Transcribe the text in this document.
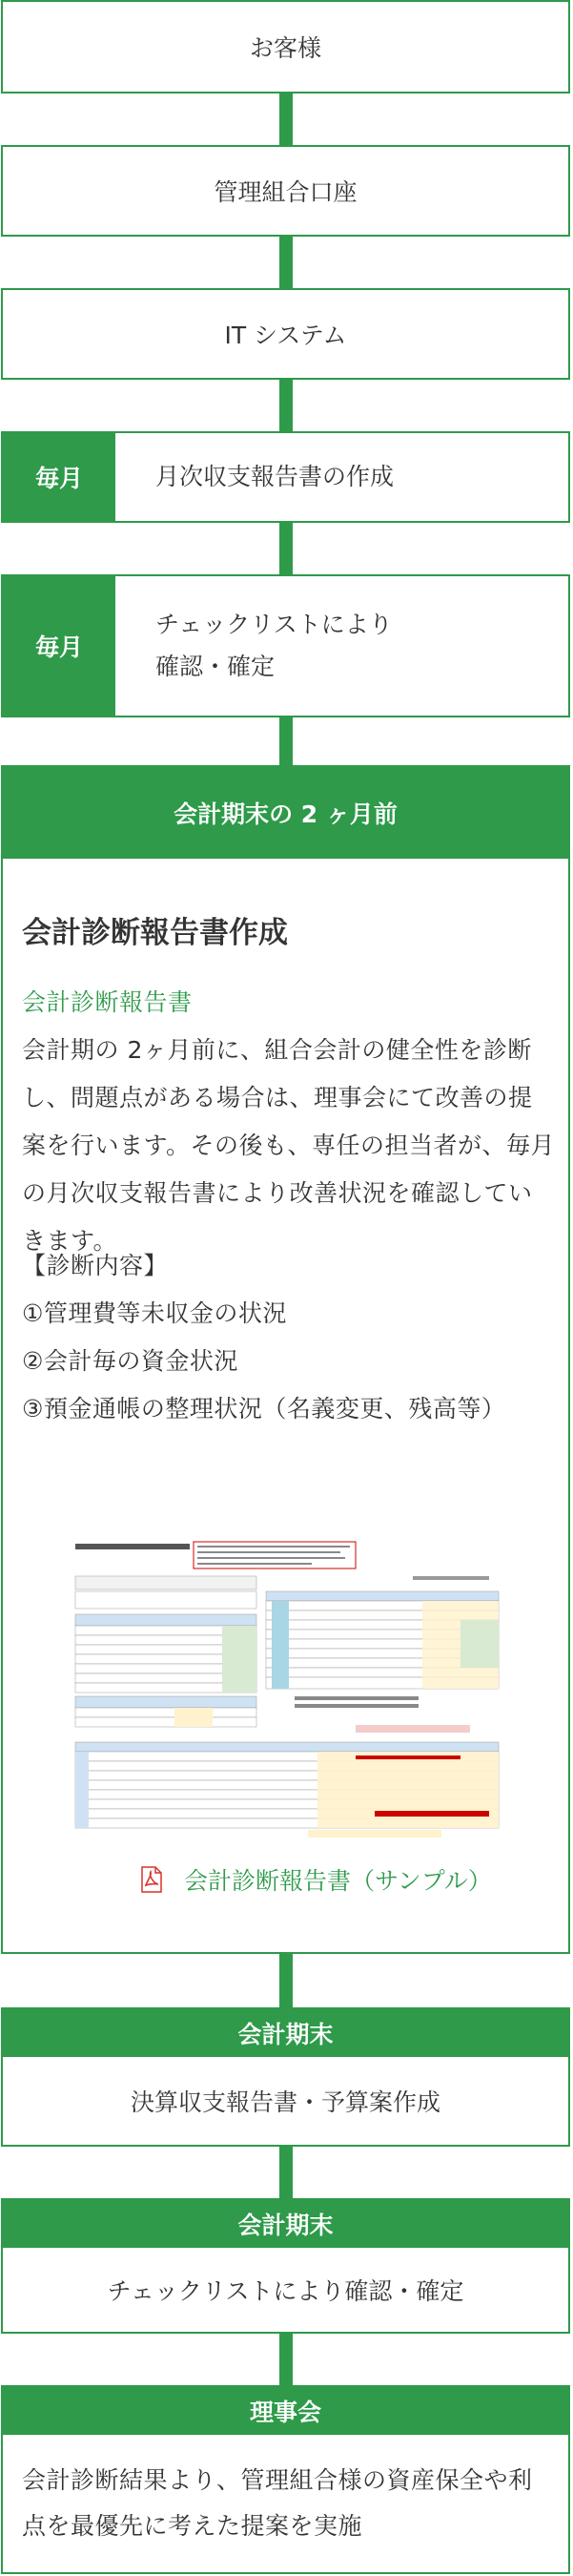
お客様
管理組合口座
IT システム
毎月	月次収支報告書の作成
毎月
チェックリストにより
確認・確定
会計期末の 2 ヶ月前
会計診断報告書作成
会計診断報告書
会計期の 2ヶ月前に、組合会計の健全性を診断し、問題点がある場合は、理事会にて改善の提案を行います。その後も、専任の担当者が、毎月の月次収支報告書により改善状況を確認していきます。
【診断内容】
①管理費等未収金の状況
②会計毎の資金状況
③預金通帳の整理状況（名義変更、残高等）
会計診断報告書（サンプル）
会計期末
決算収支報告書・予算案作成
会計期末
チェックリストにより確認・確定
理事会
会計診断結果より、管理組合様の資産保全や利点を最優先に考えた提案を実施
